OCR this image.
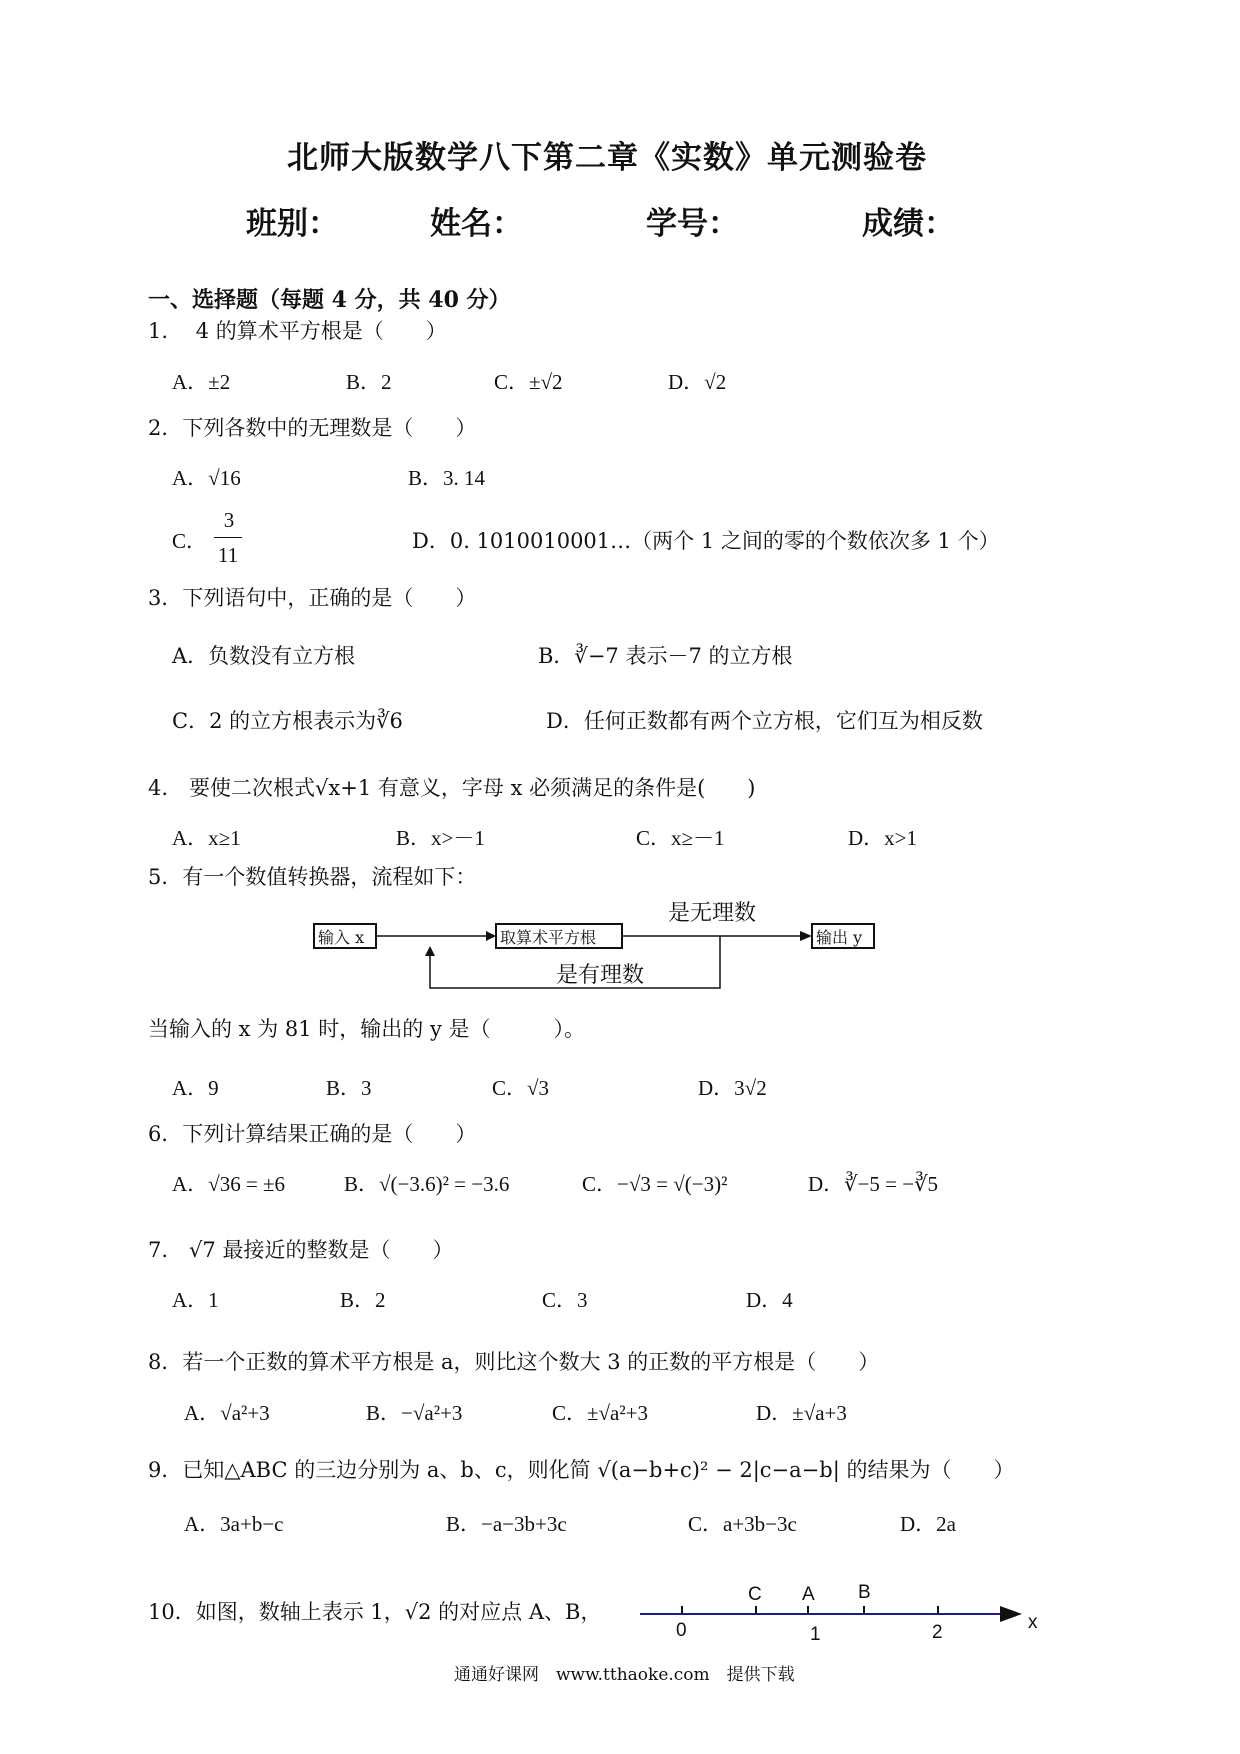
北师大版数学八下第二章《实数》单元测验卷
班别：	姓名：	学号：	成绩：
一、选择题（每题 4 分，共 40 分）
1.　 4 的算术平方根是（　　）
A．±2	B．2	C．±√2	D．√2
2．下列各数中的无理数是（　　）
A．√16	B．3. 14
C．
3
11
D．0. 1010010001…（两个 1 之间的零的个数依次多 1 个）
3．下列语句中，正确的是（　　）
A．负数没有立方根	B．∛−7 表示－7 的立方根
C．2 的立方根表示为∛6	D．任何正数都有两个立方根，它们互为相反数
4.　要使二次根式√x+1 有意义，字母 x 必须满足的条件是(　　)
A．x≥1	B．x>－1	C．x≥－1	D．x>1
5．有一个数值转换器，流程如下：
输入 x	取算术平方根	输出 y
是无理数
是有理数
当输入的 x 为 81 时，输出的 y 是（　　　）。
A．9	B．3	C．√3	D．3√2
6．下列计算结果正确的是（　　）
A．√36 = ±6	B．√(−3.6)² = −3.6	C．−√3 = √(−3)²	D．∛−5 = −∛5
7.　√7 最接近的整数是（　　）
A．1	B．2	C．3	D．4
8．若一个正数的算术平方根是 a，则比这个数大 3 的正数的平方根是（　　）
A．√a²+3	B．−√a²+3	C．±√a²+3	D．±√a+3
9．已知△ABC 的三边分别为 a、b、c，则化简 √(a−b+c)² − 2|c−a−b| 的结果为（　　）
A．3a+b−c	B．−a−3b+3c	C．a+3b−3c	D．2a
10．如图，数轴上表示 1，√2 的对应点 A、B，
C A B
x
0	1	2
通通好课网　www.tthaoke.com　提供下载
